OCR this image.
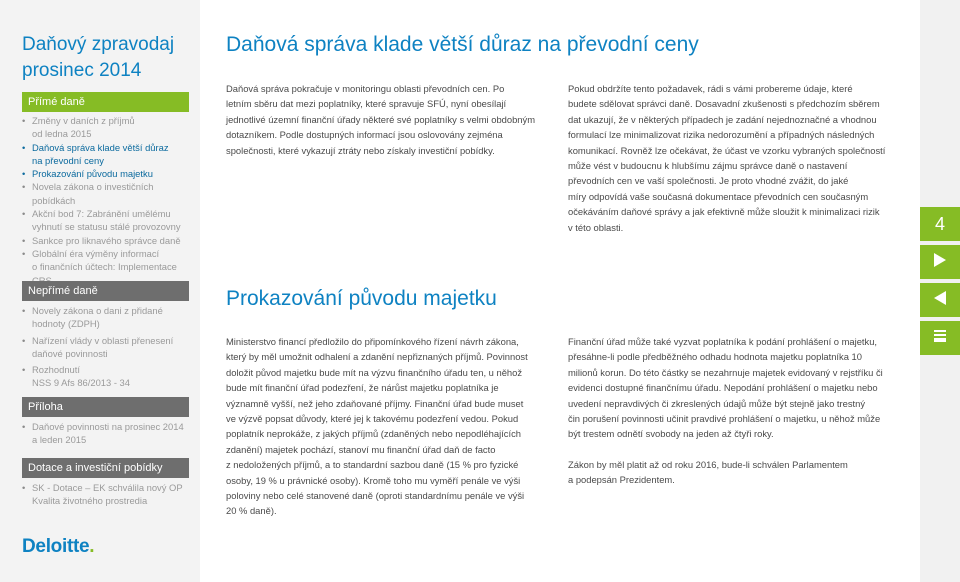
Daňový zpravodaj
prosinec 2014
Přímé daně
• Změny v daních z příjmů
od ledna 2015
• Daňová správa klade větší důraz
na převodní ceny
• Prokazování původu majetku
• Novela zákona o investičních pobídkách
• Akční bod 7: Zabránění umělému
vyhnutí se statusu stálé provozovny
• Sankce pro liknavého správce daně
• Globální éra výměny informací
o finančních účtech: Implementace
Nepřímé daně
• Novely zákona o dani z přidané
hodnoty (ZDPH)
• Nařízení vlády v oblasti přenesení
daňové povinnosti
• Rozhodnutí
NSS 9 Afs 86/2013 - 34
Příloha
• Daňové povinnosti na prosinec 2014
a leden 2015
Dotace a investiční pobídky
• SK - Dotace – EK schválila nový OP
Kvalita životného prostredia
Deloitte.
Daňová správa klade větší důraz na převodní ceny

Daňová správa pokračuje v monitoringu oblasti převodních cen. Po
letním sběru dat mezi poplatníky, které spravuje SFÚ, nyní obesílají
jednotlivé územní finanční úřady některé své poplatníky s velmi obdobným
dotazníkem. Podle dostupných informací jsou oslovovány zejména
společnosti, které vykazují ztráty nebo získaly investiční pobídky.

Pokud obdržíte tento požadavek, rádi s vámi probereme údaje, které
budete sdělovat správci daně. Dosavadní zkušenosti s předchozím sběrem
dat ukazují, že v některých případech je zadání nejednoznačné a vhodnou
formulací lze minimalizovat rizika nedorozumění a případných následných
komunikací. Rovněž lze očekávat, že účast ve vzorku vybraných společností
může vést v budoucnu k hlubšímu zájmu správce daně o nastavení
převodních cen ve vaší společnosti. Je proto vhodné zvážit, do jaké
míry odpovídá vaše současná dokumentace převodních cen současným
očekáváním daňové správy a jak efektivně může sloužit k minimalizaci rizik
v této oblasti.

Prokazování původu majetku

Ministerstvo financí předložilo do připomínkového řízení návrh zákona,
který by měl umožnit odhalení a zdanění nepřiznaných příjmů. Povinnost
doložit původ majetku bude mít na výzvu finančního úřadu ten, u něhož
bude mít finanční úřad podezření, že nárůst majetku poplatníka je
významně vyšší, než jeho zdaňované příjmy. Finanční úřad bude muset
ve výzvě popsat důvody, které jej k takovému podezření vedou. Pokud
poplatník neprokáže, z jakých příjmů (zdaněných nebo nepodléhajících
zdanění) majetek pochází, stanoví mu finanční úřad daň de facto
z nedoložených příjmů, a to standardní sazbou daně (15 % pro fyzické
osoby, 19 % u právnické osoby). Kromě toho mu vyměří penále ve výši
poloviny nebo celé stanovené daně (oproti standardnímu penále ve výši
20 % daně).

Finanční úřad může také vyzvat poplatníka k podání prohlášení o majetku,
přesáhne-li podle předběžného odhadu hodnota majetku poplatníka 10
milionů korun. Do této částky se nezahrnuje majetek evidovaný v rejstříku či
evidenci dostupné finančnímu úřadu. Nepodání prohlášení o majetku nebo
uvedení nepravdivých či zkreslených údajů může být stejně jako trestný
čin porušení povinnosti učinit pravdivé prohlášení o majetku, u něhož může
být trestem odnětí svobody na jeden až čtyři roky.

Zákon by měl platit až od roku 2016, bude-li schválen Parlamentem
a podepsán Prezidentem.

4
